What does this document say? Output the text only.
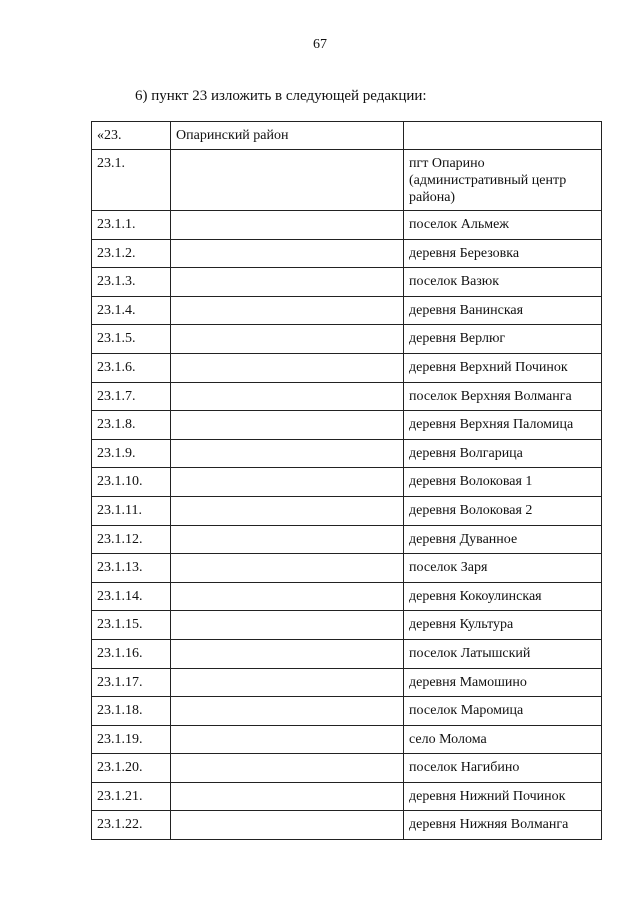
67
6) пункт 23 изложить в следующей редакции:
«23.	Опаринский район	
23.1.		пгт Опарино
(административный центр
района)
23.1.1.		поселок Альмеж
23.1.2.		деревня Березовка
23.1.3.		поселок Вазюк
23.1.4.		деревня Ванинская
23.1.5.		деревня Верлюг
23.1.6.		деревня Верхний Починок
23.1.7.		поселок Верхняя Волманга
23.1.8.		деревня Верхняя Паломица
23.1.9.		деревня Волгарица
23.1.10.		деревня Волоковая 1
23.1.11.		деревня Волоковая 2
23.1.12.		деревня Дуванное
23.1.13.		поселок Заря
23.1.14.		деревня Кокоулинская
23.1.15.		деревня Культура
23.1.16.		поселок Латышский
23.1.17.		деревня Мамошино
23.1.18.		поселок Маромица
23.1.19.		село Молома
23.1.20.		поселок Нагибино
23.1.21.		деревня Нижний Починок
23.1.22.		деревня Нижняя Волманга
